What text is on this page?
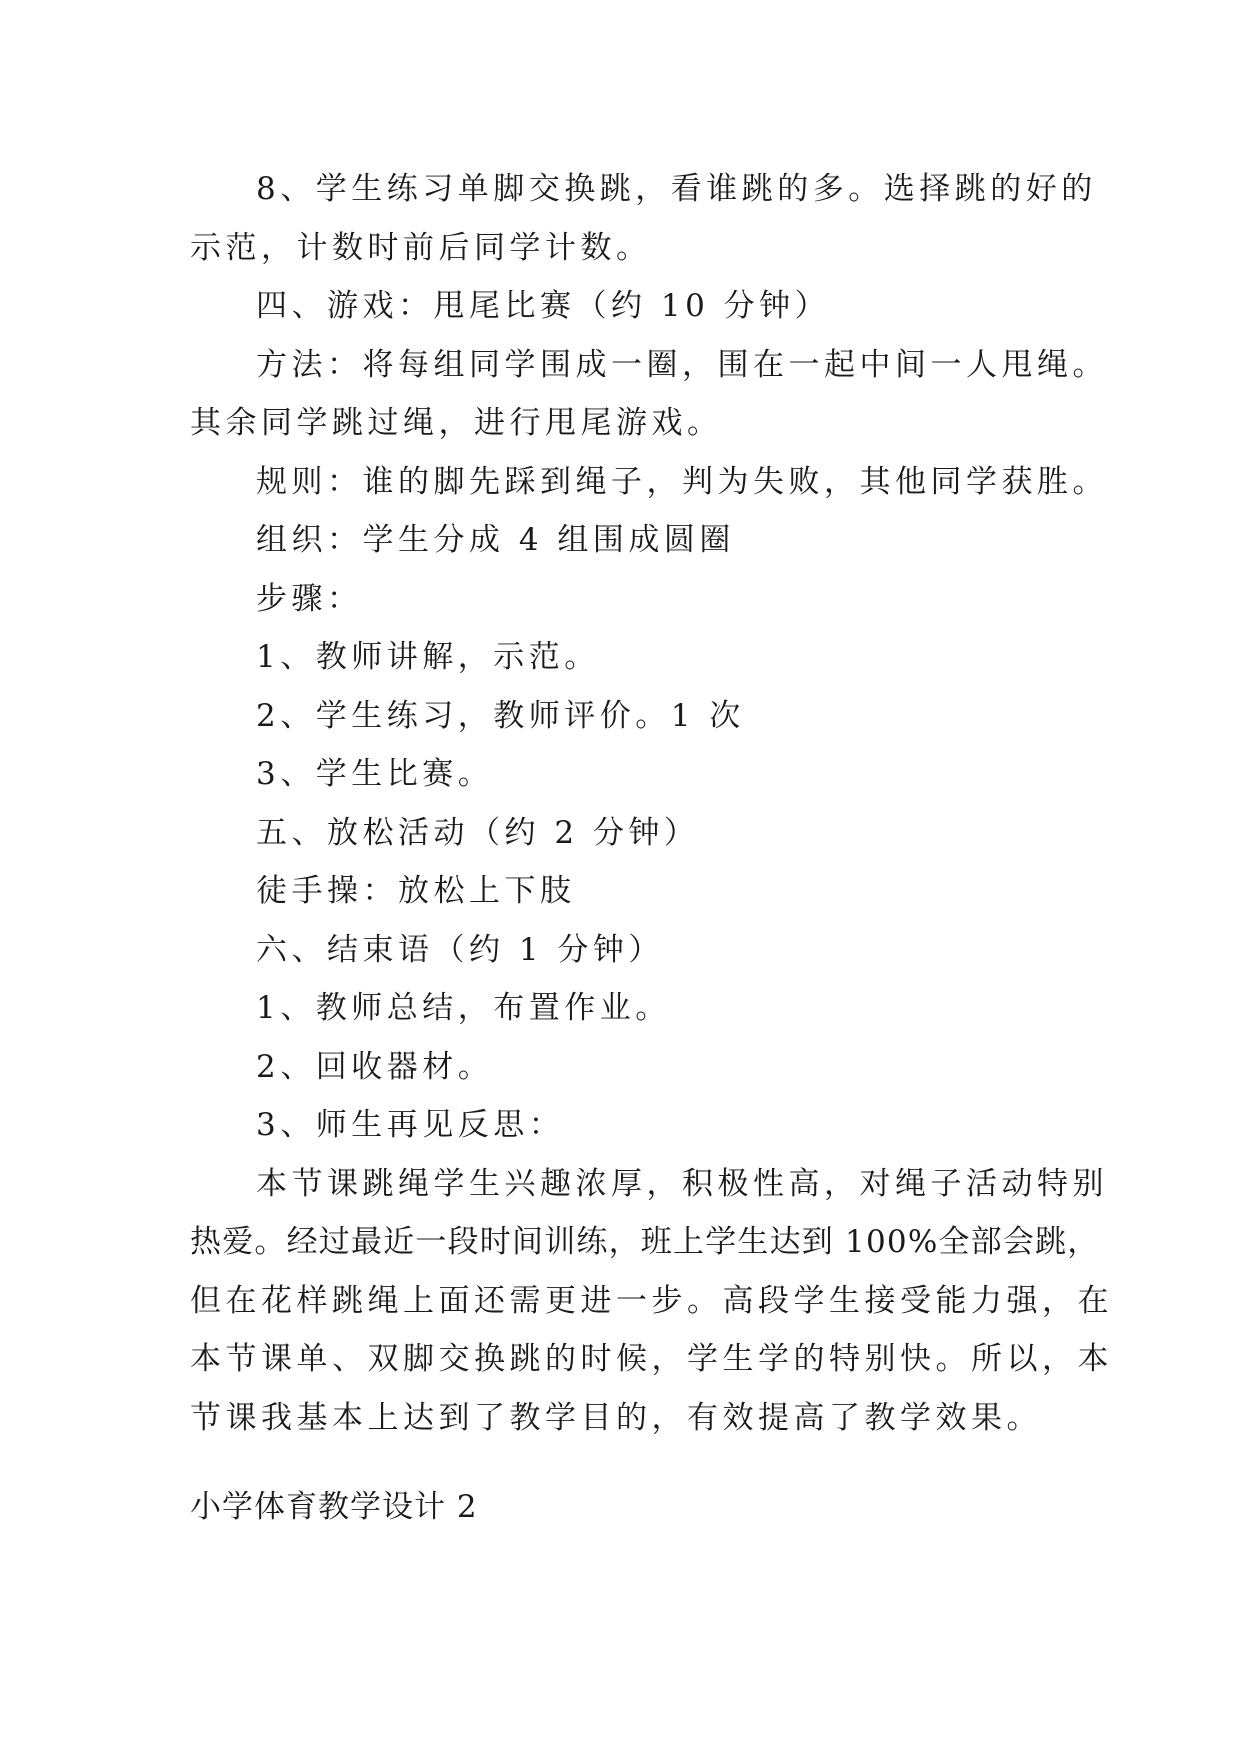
8、学生练习单脚交换跳，看谁跳的多。选择跳的好的
示范，计数时前后同学计数。
四、游戏：甩尾比赛（约 10 分钟）
方法：将每组同学围成一圈，围在一起中间一人甩绳。
其余同学跳过绳，进行甩尾游戏。
规则：谁的脚先踩到绳子，判为失败，其他同学获胜。
组织：学生分成 4 组围成圆圈
步骤：
1、教师讲解，示范。
2、学生练习，教师评价。1 次
3、学生比赛。
五、放松活动（约 2 分钟）
徒手操：放松上下肢
六、结束语（约 1 分钟）
1、教师总结，布置作业。
2、回收器材。
3、师生再见反思：
本节课跳绳学生兴趣浓厚，积极性高，对绳子活动特别
热爱。经过最近一段时间训练，班上学生达到 100%全部会跳，
但在花样跳绳上面还需更进一步。高段学生接受能力强，在
本节课单、双脚交换跳的时候，学生学的特别快。所以，本
节课我基本上达到了教学目的，有效提高了教学效果。
小学体育教学设计 2
